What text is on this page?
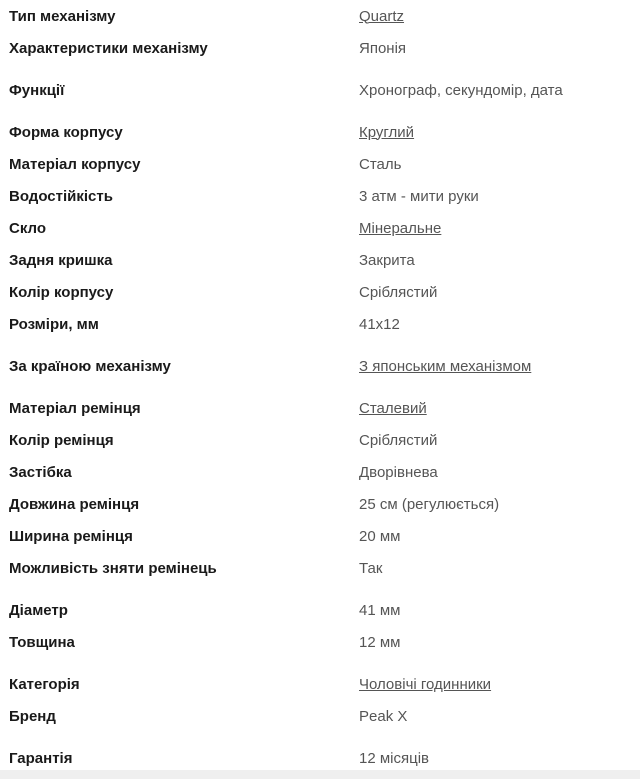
Тип механізму	Quartz
Характеристики механізму	Японія
Функції	Хронограф, секундомір, дата
Форма корпусу	Круглий
Матеріал корпусу	Сталь
Водостійкість	3 атм - мити руки
Скло	Мінеральне
Задня кришка	Закрита
Колір корпусу	Сріблястий
Розміри, мм	41x12
За країною механізму	З японським механізмом
Матеріал ремінця	Сталевий
Колір ремінця	Сріблястий
Застібка	Дворівнева
Довжина ремінця	25 см (регулюється)
Ширина ремінця	20 мм
Можливість зняти ремінець	Так
Діаметр	41 мм
Товщина	12 мм
Категорія	Чоловічі годинники
Бренд	Peak X
Гарантія	12 місяців
